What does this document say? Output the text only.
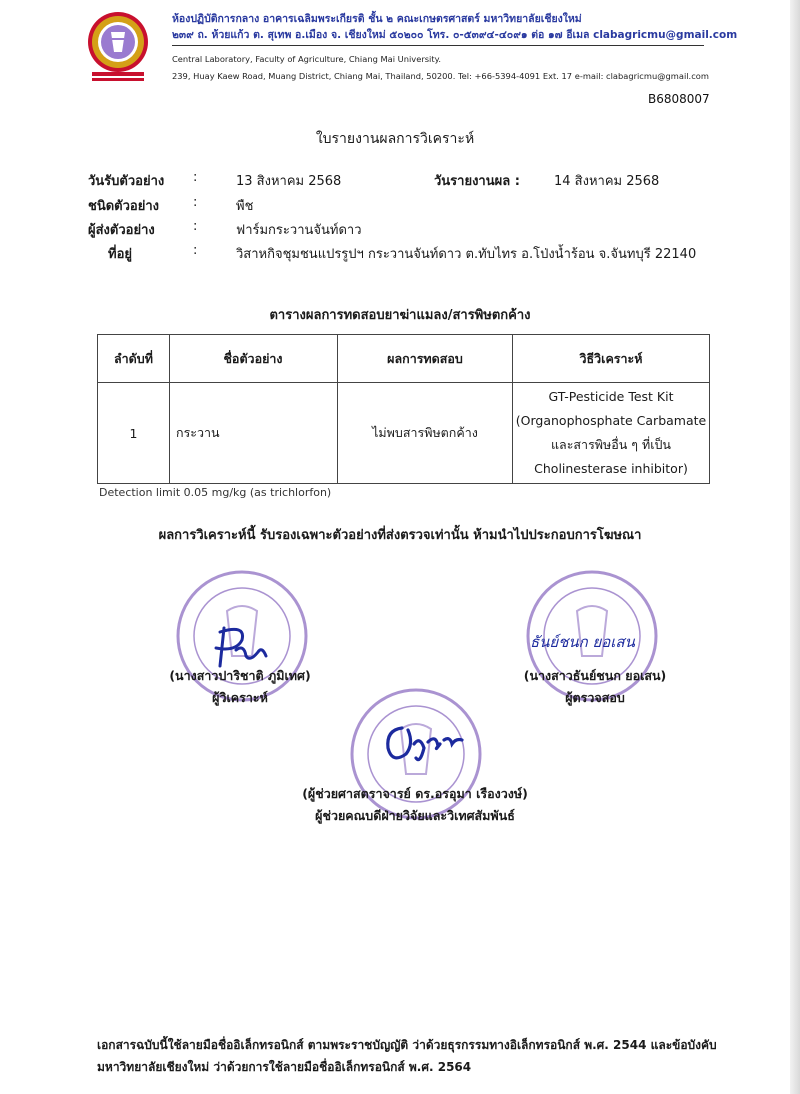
ห้องปฏิบัติการกลาง อาคารเฉลิมพระเกียรติ ชั้น ๒ คณะเกษตรศาสตร์ มหาวิทยาลัยเชียงใหม่
๒๓๙ ถ. ห้วยแก้ว ต. สุเทพ อ.เมือง จ. เชียงใหม่ ๕๐๒๐๐ โทร. ๐-๕๓๙๔-๔๐๙๑ ต่อ ๑๗ อีเมล clabagricmu@gmail.com
Central Laboratory, Faculty of Agriculture, Chiang Mai University.
239, Huay Kaew Road, Muang District, Chiang Mai, Thailand, 50200. Tel: +66-5394-4091 Ext. 17 e-mail: clabagricmu@gmail.com
B6808007
ใบรายงานผลการวิเคราะห์
วันรับตัวอย่าง :	13 สิงหาคม 2568	วันรายงานผล :	14 สิงหาคม 2568
ชนิดตัวอย่าง	:	พืช
ผู้ส่งตัวอย่าง	:	ฟาร์มกระวานจันท์ดาว
ที่อยู่	:	วิสาหกิจชุมชนแปรรูปฯ กระวานจันท์ดาว ต.ทับไทร อ.โป่งน้ำร้อน จ.จันทบุรี 22140
ตารางผลการทดสอบยาฆ่าแมลง/สารพิษตกค้าง
ลำดับที่	ชื่อตัวอย่าง	ผลการทดสอบ	วิธีวิเคราะห์
1	กระวาน	ไม่พบสารพิษตกค้าง	GT-Pesticide Test Kit
(Organophosphate Carbamate
และสารพิษอื่น ๆ ที่เป็น
Cholinesterase inhibitor)
Detection limit 0.05 mg/kg (as trichlorfon)
ผลการวิเคราะห์นี้ รับรองเฉพาะตัวอย่างที่ส่งตรวจเท่านั้น ห้ามนำไปประกอบการโฆษณา
ธันย์ชนก ยอเสน
(นางสาวปาริชาติ ภูมิเทศ)
ผู้วิเคราะห์
(นางสาวธันย์ชนก ยอเสน)
ผู้ตรวจสอบ
(ผู้ช่วยศาสตราจารย์ ดร.อรอุมา เรืองวงษ์)
ผู้ช่วยคณบดีฝ่ายวิจัยและวิเทศสัมพันธ์
เอกสารฉบับนี้ใช้ลายมือชื่ออิเล็กทรอนิกส์ ตามพระราชบัญญัติ ว่าด้วยธุรกรรมทางอิเล็กทรอนิกส์ พ.ศ. 2544 และข้อบังคับ
มหาวิทยาลัยเชียงใหม่ ว่าด้วยการใช้ลายมือชื่ออิเล็กทรอนิกส์ พ.ศ. 2564
